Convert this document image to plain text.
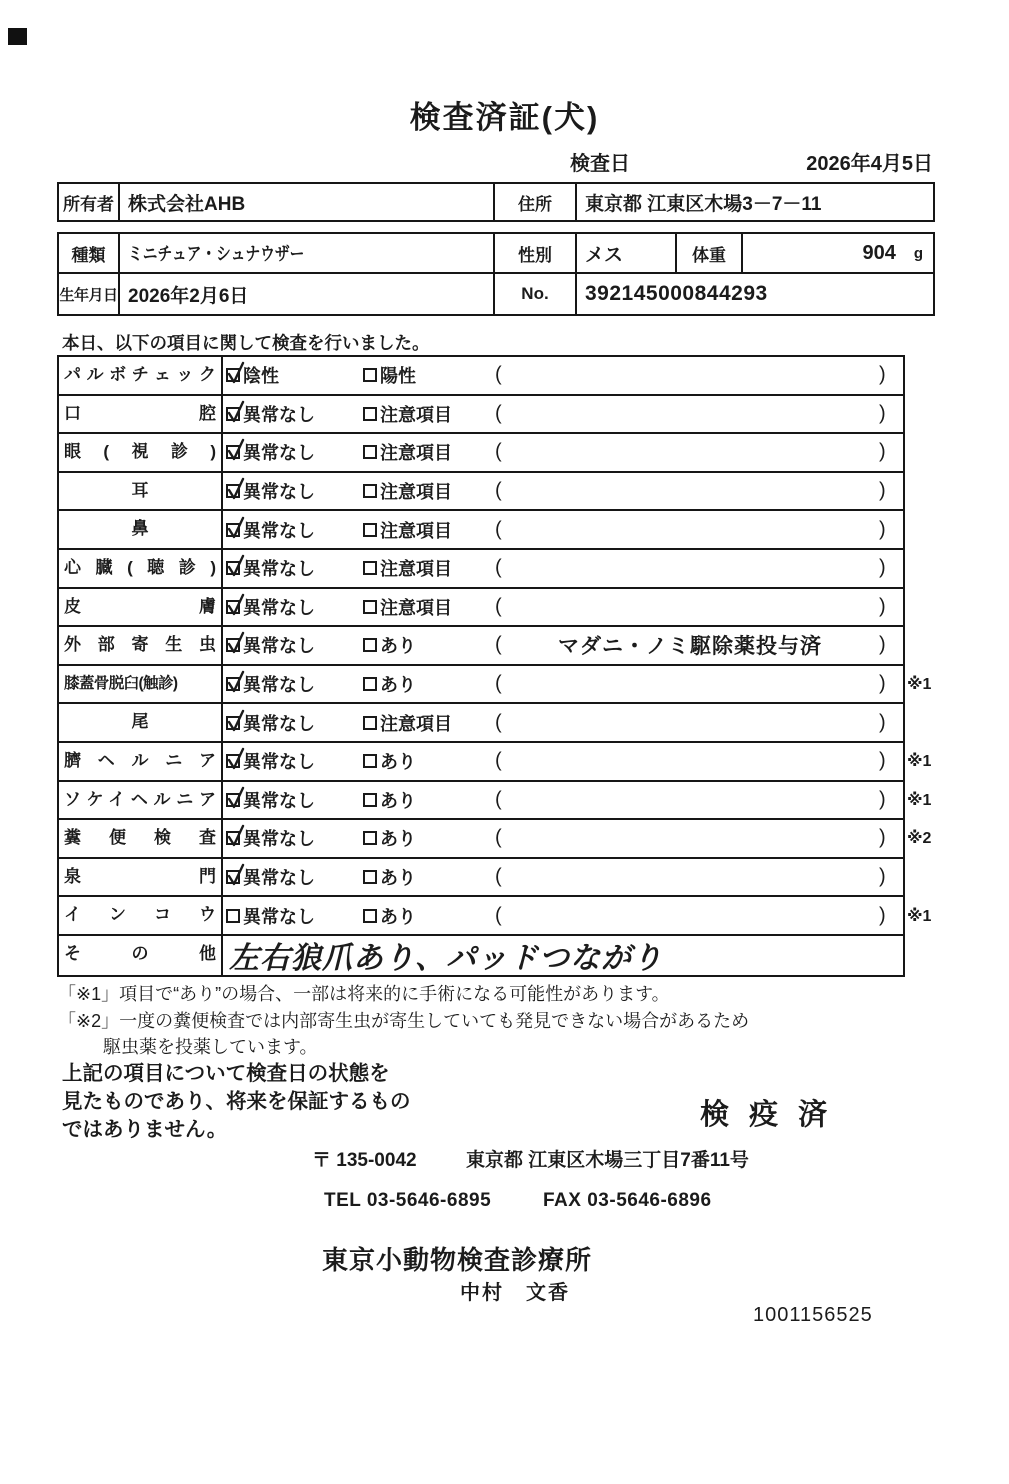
検査済証(犬)
検査日	2026年4月5日
所有者 株式会社AHB	住所	東京都 江東区木場3－7－11
種類	ミニチュア・シュナウザー	性別	メス	体重	904 g
生年月日 2026年2月6日	No.	392145000844293
本日、以下の項目に関して検査を行いました。
パルボチェック	陰性	陽性	(	)
口腔	異常なし	注意項目 (	)
眼(視診)	異常なし	注意項目 (	)
耳	異常なし	注意項目 (	)
鼻	異常なし	注意項目 (	)
心臓(聴診)	異常なし	注意項目 (	)
皮膚	異常なし	注意項目 (	)
外部寄生虫	異常なし	あり	(	マダニ・ノミ駆除薬投与済	)
膝蓋骨脱臼(触診)	異常なし	あり	(	) ※1
尾	異常なし	注意項目 (	)
臍ヘルニア	異常なし	あり	(	) ※1
ソケイヘルニア	異常なし	あり	(	) ※1
糞便検査	異常なし	あり	(	) ※2
泉門	異常なし	あり	(	)
インコウ	異常なし	あり	(	) ※1
その他 左右狼爪あり、パッドつながり
「※1」項目で“あり”の場合、一部は将来的に手術になる可能性があります。
「※2」一度の糞便検査では内部寄生虫が寄生していても発見できない場合があるため
駆虫薬を投薬しています。
上記の項目について検査日の状態を
見たものであり、将来を保証するもの
ではありません。	検 疫 済
〒 135-0042	東京都 江東区木場三丁目7番11号
TEL 03-5646-6895	FAX 03-5646-6896
東京小動物検査診療所
中村　文香
1001156525
